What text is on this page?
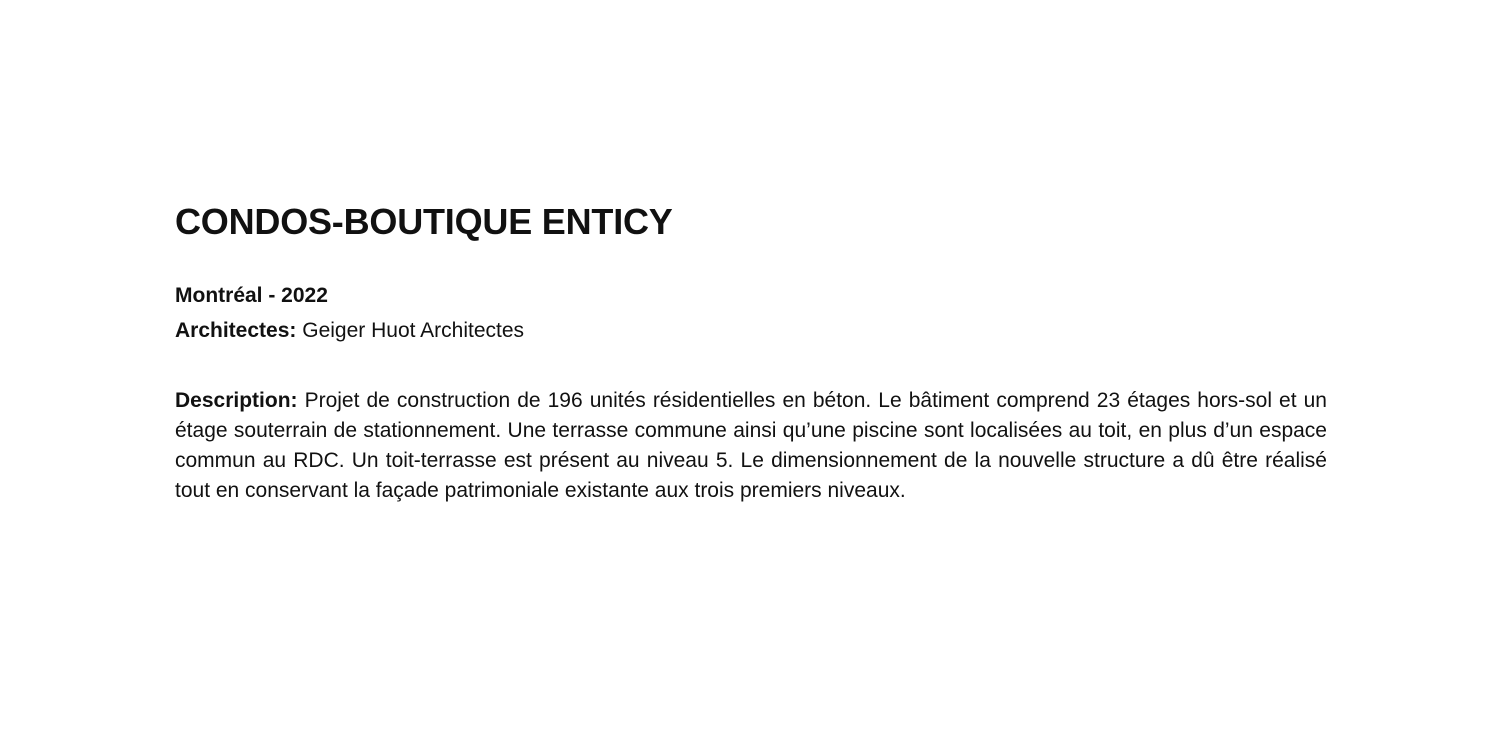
CONDOS-BOUTIQUE ENTICY

Montréal - 2022

Architectes: Geiger Huot Architectes

Description: Projet de construction de 196 unités résidentielles en béton. Le bâtiment comprend 23 étages hors-sol et un étage souterrain de stationnement. Une terrasse commune ainsi qu’une piscine sont localisées au toit, en plus d’un espace commun au RDC. Un toit-terrasse est présent au niveau 5. Le dimensionnement de la nouvelle structure a dû être réalisé tout en conservant la façade patrimoniale existante aux trois premiers niveaux.
